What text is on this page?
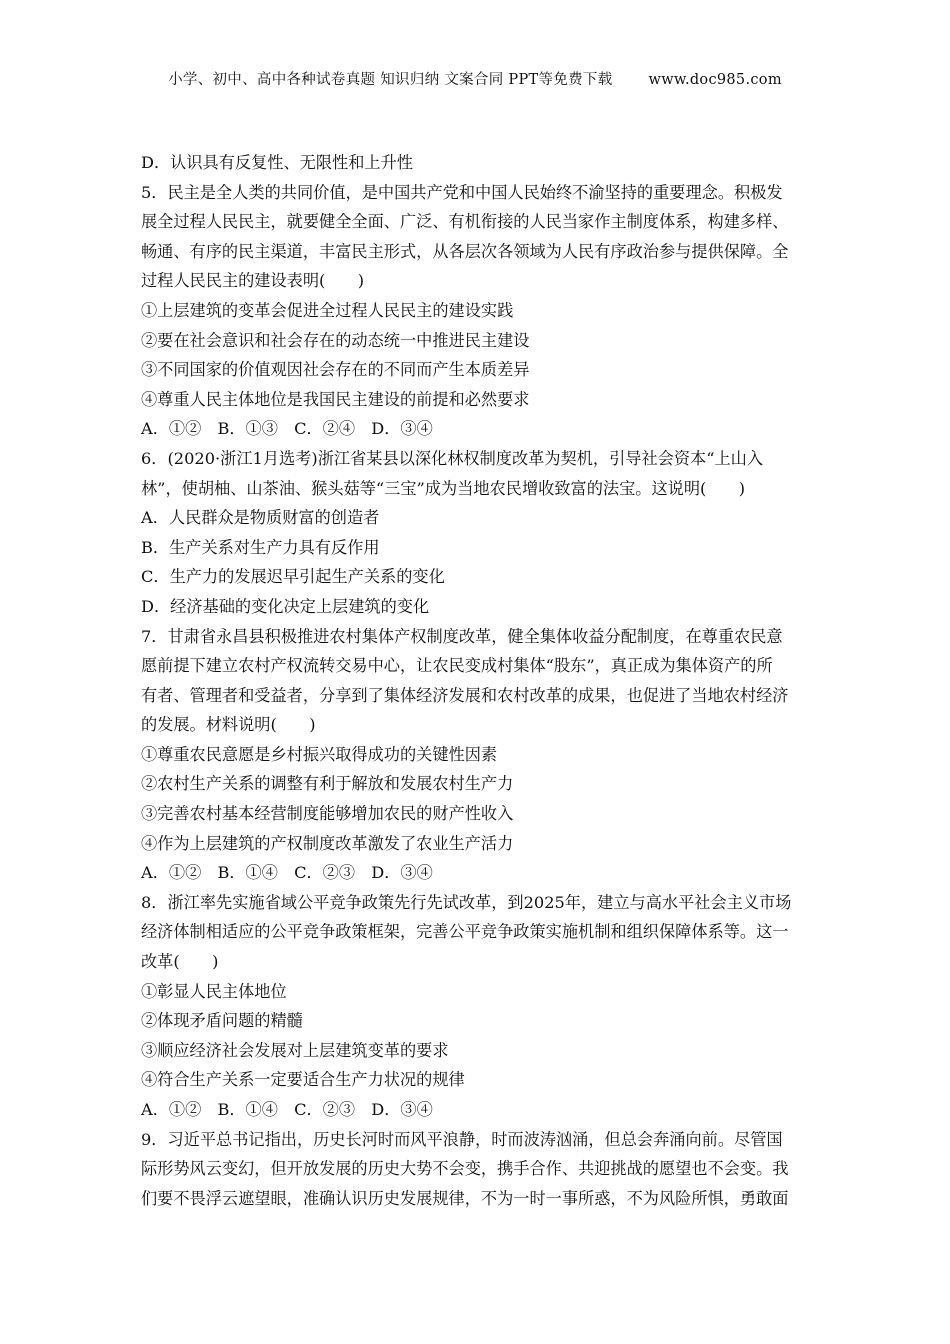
小学、初中、高中各种试卷真题 知识归纳 文案合同 PPT等免费下载 www.doc985.com
D．认识具有反复性、无限性和上升性
5．民主是全人类的共同价值，是中国共产党和中国人民始终不渝坚持的重要理念。积极发
展全过程人民民主，就要健全全面、广泛、有机衔接的人民当家作主制度体系，构建多样、
畅通、有序的民主渠道，丰富民主形式，从各层次各领域为人民有序政治参与提供保障。全
过程人民民主的建设表明(　　)
①上层建筑的变革会促进全过程人民民主的建设实践
②要在社会意识和社会存在的动态统一中推进民主建设
③不同国家的价值观因社会存在的不同而产生本质差异
④尊重人民主体地位是我国民主建设的前提和必然要求
A．①②　B．①③　C．②④　D．③④
6．(2020·浙江1月选考)浙江省某县以深化林权制度改革为契机，引导社会资本“上山入
林”，使胡柚、山茶油、猴头菇等“三宝”成为当地农民增收致富的法宝。这说明(　　)
A．人民群众是物质财富的创造者
B．生产关系对生产力具有反作用
C．生产力的发展迟早引起生产关系的变化
D．经济基础的变化决定上层建筑的变化
7．甘肃省永昌县积极推进农村集体产权制度改革，健全集体收益分配制度，在尊重农民意
愿前提下建立农村产权流转交易中心，让农民变成村集体“股东”，真正成为集体资产的所
有者、管理者和受益者，分享到了集体经济发展和农村改革的成果，也促进了当地农村经济
的发展。材料说明(　　)
①尊重农民意愿是乡村振兴取得成功的关键性因素
②农村生产关系的调整有利于解放和发展农村生产力
③完善农村基本经营制度能够增加农民的财产性收入
④作为上层建筑的产权制度改革激发了农业生产活力
A．①②　B．①④　C．②③　D．③④
8．浙江率先实施省域公平竞争政策先行先试改革，到2025年，建立与高水平社会主义市场
经济体制相适应的公平竞争政策框架，完善公平竞争政策实施机制和组织保障体系等。这一
改革(　　)
①彰显人民主体地位
②体现矛盾问题的精髓
③顺应经济社会发展对上层建筑变革的要求
④符合生产关系一定要适合生产力状况的规律
A．①②　B．①④　C．②③　D．③④
9．习近平总书记指出，历史长河时而风平浪静，时而波涛汹涌，但总会奔涌向前。尽管国
际形势风云变幻，但开放发展的历史大势不会变，携手合作、共迎挑战的愿望也不会变。我
们要不畏浮云遮望眼，准确认识历史发展规律，不为一时一事所惑，不为风险所惧，勇敢面
